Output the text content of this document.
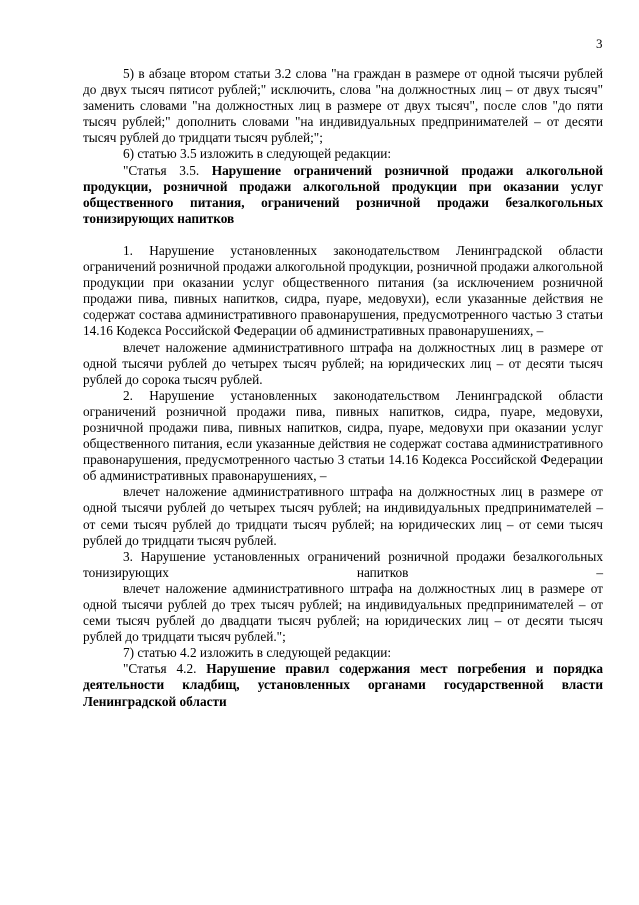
3

5) в абзаце втором статьи 3.2 слова "на граждан в размере от одной тысячи рублей до двух тысяч пятисот рублей;" исключить, слова "на должностных лиц – от двух тысяч" заменить словами "на должностных лиц в размере от двух тысяч", после слов "до пяти тысяч рублей;" дополнить словами "на индивидуальных предпринимателей – от десяти тысяч рублей до тридцати тысяч рублей;";

6) статью 3.5 изложить в следующей редакции:

"Статья 3.5. Нарушение ограничений розничной продажи алкогольной продукции, розничной продажи алкогольной продукции при оказании услуг общественного питания, ограничений розничной продажи безалкогольных тонизирующих напитков

1. Нарушение установленных законодательством Ленинградской области ограничений розничной продажи алкогольной продукции, розничной продажи алкогольной продукции при оказании услуг общественного питания (за исключением розничной продажи пива, пивных напитков, сидра, пуаре, медовухи), если указанные действия не содержат состава административного правонарушения, предусмотренного частью 3 статьи 14.16 Кодекса Российской Федерации об административных правонарушениях, –

влечет наложение административного штрафа на должностных лиц в размере от одной тысячи рублей до четырех тысяч рублей; на юридических лиц – от десяти тысяч рублей до сорока тысяч рублей.

2. Нарушение установленных законодательством Ленинградской области ограничений розничной продажи пива, пивных напитков, сидра, пуаре, медовухи, розничной продажи пива, пивных напитков, сидра, пуаре, медовухи при оказании услуг общественного питания, если указанные действия не содержат состава административного правонарушения, предусмотренного частью 3 статьи 14.16 Кодекса Российской Федерации об административных правонарушениях, –

влечет наложение административного штрафа на должностных лиц в размере от одной тысячи рублей до четырех тысяч рублей; на индивидуальных предпринимателей – от семи тысяч рублей до тридцати тысяч рублей; на юридических лиц – от семи тысяч рублей до тридцати тысяч рублей.

3. Нарушение установленных ограничений розничной продажи безалкогольных тонизирующих напитков –

влечет наложение административного штрафа на должностных лиц в размере от одной тысячи рублей до трех тысяч рублей; на индивидуальных предпринимателей – от семи тысяч рублей до двадцати тысяч рублей; на юридических лиц – от десяти тысяч рублей до тридцати тысяч рублей.";

7) статью 4.2 изложить в следующей редакции:

"Статья 4.2. Нарушение правил содержания мест погребения и порядка деятельности кладбищ, установленных органами государственной власти Ленинградской области
